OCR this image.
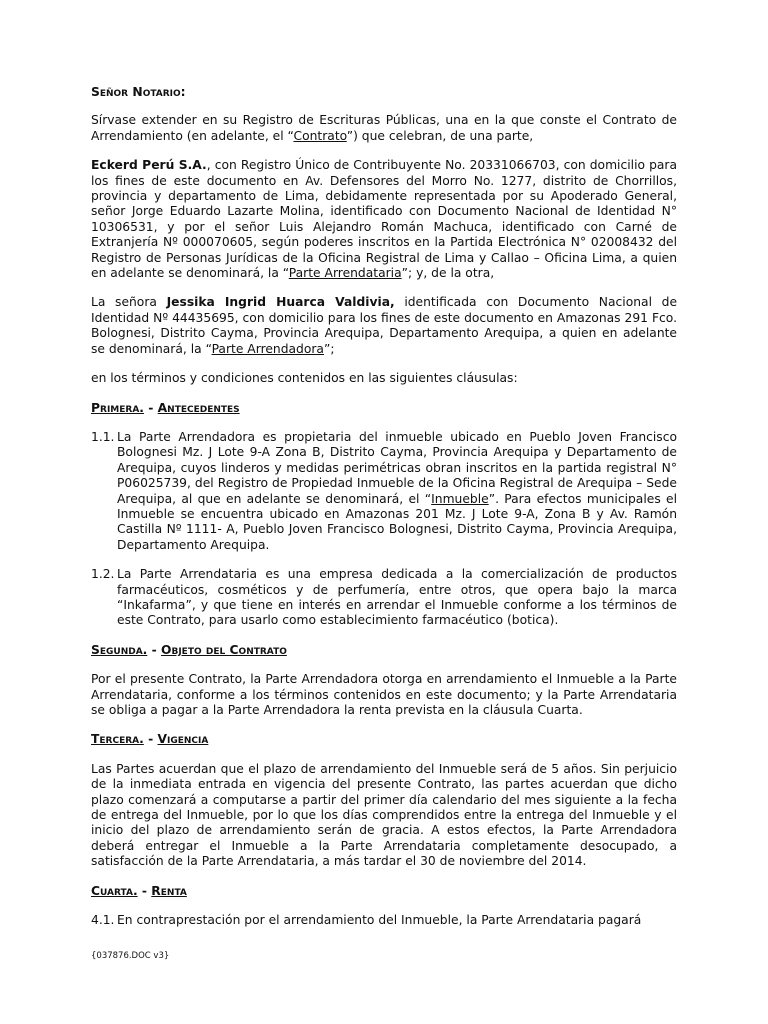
Señor Notario:

Sírvase extender en su Registro de Escrituras Públicas, una en la que conste el Contrato de Arrendamiento (en adelante, el “Contrato”) que celebran, de una parte,

Eckerd Perú S.A., con Registro Único de Contribuyente No. 20331066703, con domicilio para los fines de este documento en Av. Defensores del Morro No. 1277, distrito de Chorrillos, provincia y departamento de Lima, debidamente representada por su Apoderado General, señor Jorge Eduardo Lazarte Molina, identificado con Documento Nacional de Identidad N° 10306531, y por el señor Luis Alejandro Román Machuca, identificado con Carné de Extranjería Nº 000070605, según poderes inscritos en la Partida Electrónica N° 02008432 del Registro de Personas Jurídicas de la Oficina Registral de Lima y Callao – Oficina Lima, a quien en adelante se denominará, la “Parte Arrendataria”; y, de la otra,

La señora Jessika Ingrid Huarca Valdivia, identificada con Documento Nacional de Identidad Nº 44435695, con domicilio para los fines de este documento en Amazonas 291 Fco. Bolognesi, Distrito Cayma, Provincia Arequipa, Departamento Arequipa, a quien en adelante se denominará, la “Parte Arrendadora”;

en los términos y condiciones contenidos en las siguientes cláusulas:

Primera. - Antecedentes
1.1. La Parte Arrendadora es propietaria del inmueble ubicado en Pueblo Joven Francisco Bolognesi Mz. J Lote 9-A Zona B, Distrito Cayma, Provincia Arequipa y Departamento de Arequipa, cuyos linderos y medidas perimétricas obran inscritos en la partida registral N° P06025739, del Registro de Propiedad Inmueble de la Oficina Registral de Arequipa – Sede Arequipa, al que en adelante se denominará, el “Inmueble”. Para efectos municipales el Inmueble se encuentra ubicado en Amazonas 201 Mz. J Lote 9-A, Zona B y Av. Ramón Castilla Nº 1111- A, Pueblo Joven Francisco Bolognesi, Distrito Cayma, Provincia Arequipa, Departamento Arequipa.
1.2. La Parte Arrendataria es una empresa dedicada a la comercialización de productos farmacéuticos, cosméticos y de perfumería, entre otros, que opera bajo la marca “Inkafarma”, y que tiene en interés en arrendar el Inmueble conforme a los términos de este Contrato, para usarlo como establecimiento farmacéutico (botica).
Segunda. - Objeto del Contrato

Por el presente Contrato, la Parte Arrendadora otorga en arrendamiento el Inmueble a la Parte Arrendataria, conforme a los términos contenidos en este documento; y la Parte Arrendataria se obliga a pagar a la Parte Arrendadora la renta prevista en la cláusula Cuarta.

Tercera. - Vigencia

Las Partes acuerdan que el plazo de arrendamiento del Inmueble será de 5 años. Sin perjuicio de la inmediata entrada en vigencia del presente Contrato, las partes acuerdan que dicho plazo comenzará a computarse a partir del primer día calendario del mes siguiente a la fecha de entrega del Inmueble, por lo que los días comprendidos entre la entrega del Inmueble y el inicio del plazo de arrendamiento serán de gracia. A estos efectos, la Parte Arrendadora deberá entregar el Inmueble a la Parte Arrendataria completamente desocupado, a satisfacción de la Parte Arrendataria, a más tardar el 30 de noviembre del 2014.

Cuarta. - Renta
4.1. En contraprestación por el arrendamiento del Inmueble, la Parte Arrendataria pagará
{037876.DOC v3}
